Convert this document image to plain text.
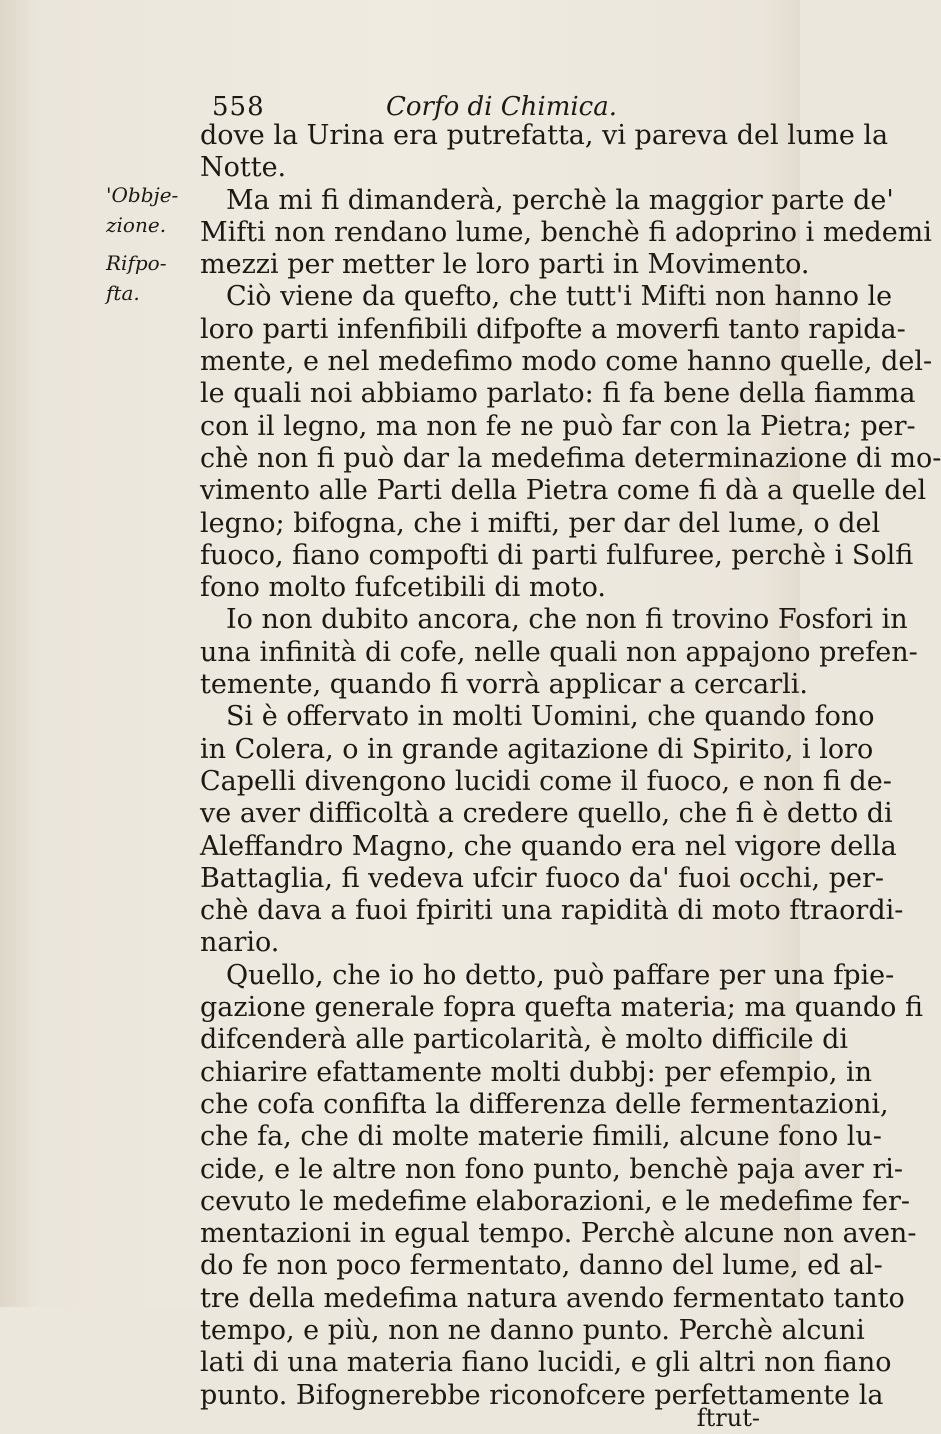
558	Corfo di Chimica.
'Obbje-
zione.
Rifpo-
fta.
dove la Urina era putrefatta, vi pareva del lume la
Notte.
Ma mi fi dimanderà, perchè la maggior parte de'
Mifti non rendano lume, benchè fi adoprino i medemi
mezzi per metter le loro parti in Movimento.
Ciò viene da quefto, che tutt'i Mifti non hanno le
loro parti infenfibili difpofte a moverfi tanto rapida-
mente, e nel medefimo modo come hanno quelle, del-
le quali noi abbiamo parlato: fi fa bene della fiamma
con il legno, ma non fe ne può far con la Pietra; per-
chè non fi può dar la medefima determinazione di mo-
vimento alle Parti della Pietra come fi dà a quelle del
legno; bifogna, che i mifti, per dar del lume, o del
fuoco, fiano compofti di parti fulfuree, perchè i Solfi
fono molto fufcetibili di moto.
Io non dubito ancora, che non fi trovino Fosfori in
una infinità di cofe, nelle quali non appajono prefen-
temente, quando fi vorrà applicar a cercarli.
Si è offervato in molti Uomini, che quando fono
in Colera, o in grande agitazione di Spirito, i loro
Capelli divengono lucidi come il fuoco, e non fi de-
ve aver difficoltà a credere quello, che fi è detto di
Aleffandro Magno, che quando era nel vigore della
Battaglia, fi vedeva ufcir fuoco da' fuoi occhi, per-
chè dava a fuoi fpiriti una rapidità di moto ftraordi-
nario.
Quello, che io ho detto, può paffare per una fpie-
gazione generale fopra quefta materia; ma quando fi
difcenderà alle particolarità, è molto difficile di
chiarire efattamente molti dubbj: per efempio, in
che cofa confifta la differenza delle fermentazioni,
che fa, che di molte materie fimili, alcune fono lu-
cide, e le altre non fono punto, benchè paja aver ri-
cevuto le medefime elaborazioni, e le medefime fer-
mentazioni in egual tempo. Perchè alcune non aven-
do fe non poco fermentato, danno del lume, ed al-
tre della medefima natura avendo fermentato tanto
tempo, e più, non ne danno punto. Perchè alcuni
lati di una materia fiano lucidi, e gli altri non fiano
punto. Bifognerebbe riconofcere perfettamente la
ftrut-
